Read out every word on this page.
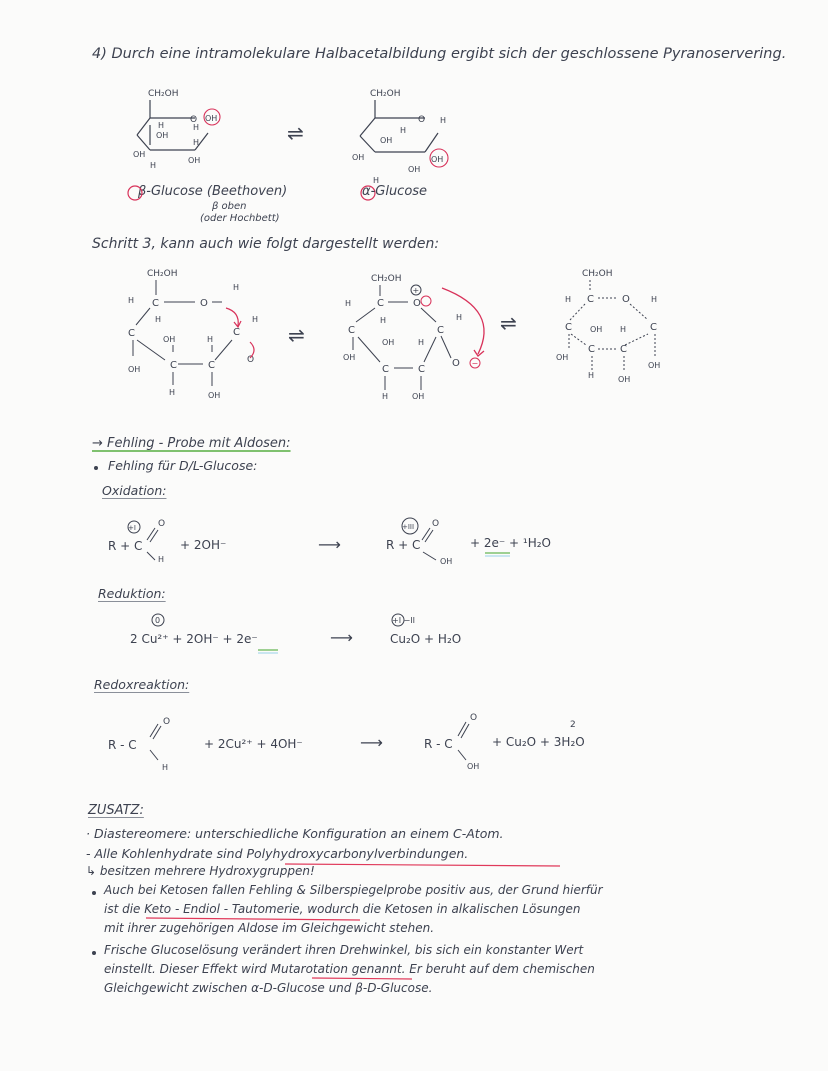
4) Durch eine intramolekulare Halbacetalbildung ergibt sich der geschlossene Pyranoservering.
CH₂OH
O OH
H
OH
H
OH
OH
H
H	⇌
CH₂OH
O H
OH
OH
H
OH
OH
H
β-Glucose (Beethoven)
β oben
(oder Hochbett)
α-Glucose
Schritt 3, kann auch wie folgt dargestellt werden:
CH₂OH
C	O
H
H
H
C
OH	H
C
H
C	C
OH
O
H	OH
⇌
CH₂OH
C	O
+
H
H
C
OH	H
C
H
OH
C	C
O −
H	OH
⇌
CH₂OH
C	O
H	H
C OH H C
OH
C	C
OH
H	OH
→ Fehling - Probe mit Aldosen:
Fehling für D/L-Glucose:
Oxidation:
+I O
H
R + C	+ 2OH⁻	⟶
+III O
OH
R + C	+ 2e⁻ + ¹H₂O
Reduktion:
0
2 Cu²⁺ + 2OH⁻ + 2e⁻	⟶
+I −II
Cu₂O + H₂O
Redoxreaktion:
O
R - C
H
+ 2Cu²⁺ + 4OH⁻	⟶
O
R - C
OH
2
+ Cu₂O + 3H₂O
ZUSATZ:
· Diastereomere: unterschiedliche Konfiguration an einem C-Atom.
- Alle Kohlenhydrate sind Polyhydroxycarbonylverbindungen.
↳ besitzen mehrere Hydroxygruppen!
Auch bei Ketosen fallen Fehling & Silberspiegelprobe positiv aus, der Grund hierfür
ist die Keto - Endiol - Tautomerie, wodurch die Ketosen in alkalischen Lösungen
mit ihrer zugehörigen Aldose im Gleichgewicht stehen.
Frische Glucoselösung verändert ihren Drehwinkel, bis sich ein konstanter Wert
einstellt. Dieser Effekt wird Mutarotation genannt. Er beruht auf dem chemischen
Gleichgewicht zwischen α-D-Glucose und β-D-Glucose.
